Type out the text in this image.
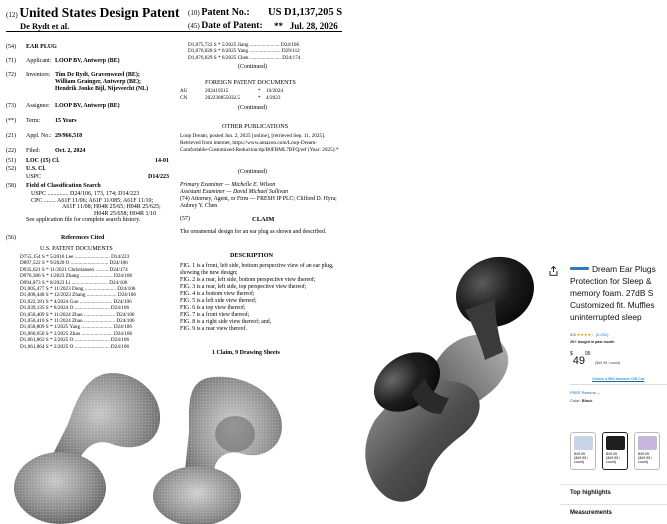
(12) United States Design Patent
De Rydt et al.
(10) Patent No.: US D1,137,205 S
(45) Date of Patent: ** Jul. 28, 2026
(54) EAR PLUG
(71) Applicant: LOOP BV, Antwerp (BE)
(72) Inventors: Tim De Rydt, Gravenwezel (BE);
William Grainger, Antwerp (BE);
Hendrik Jonke Bijl, Nijeveecht (NL)
(73) Assignee: LOOP BV, Antwerp (BE)
(**) Term: 15 Years
(21) Appl. No.: 29/966,518
(22) Filed: Oct. 2, 2024
(51) LOC (15) Cl.	14-01
(52) U.S. Cl.
USPC	D14/223
(58) Field of Classification Search
USPC .............. D24/106, 173, 174; D14/223
CPC ........ A61F 11/06; A61F 11/085; A61F 11/10;
A61F 11/08; H04R 25/65; H04R 25/625;
H04R 25/658; H04R 1/10
See application file for complete search history.
(56)	References Cited
U.S. PATENT DOCUMENTS
D755,154 S * 5/2016 Lee ........................... D14/223
D897,522 S * 9/2020 O ............................. D24/106
D935,621 S * 11/2021 Christiansen .......... D24/174
D976,386 S * 1/2023 Zhang ......................... D24/106
D994,873 S * 8/2023 Li ............................ D24/106
D1,005,477 S * 11/2023 Dong ........................ D24/106
D1,008,448 S * 12/2023 Zhang ....................... D24/106
D1,022,181 S * 4/2024 Guo ......................... D24/106
D1,039,135 S * 8/2024 O ........................... D24/106
D1,050,409 S * 11/2024 Zhao ........................ D24/106
D1,050,410 S * 11/2024 Zhao ........................ D24/106
D1,058,809 S * 1/2025 Yang ........................ D24/106
D1,060,650 S * 2/2025 Zhao ........................ D24/106
D1,061,863 S * 2/2025 O ........................... D24/106
D1,061,864 S * 2/2025 O ........................... D24/106
D1,075,722 S * 5/2025 Jiang ....................... D24/106
D1,076,028 S * 6/2025 Yang ........................ D29/112
D1,076,029 S * 6/2025 Chen ........................ D24/174
(Continued)
FOREIGN PATENT DOCUMENTS
AU	202419515	* 10/2024
CN	202230855032.5	* 4/2023
(Continued)
OTHER PUBLICATIONS
Loop Dream, posted Jun. 2, 2025 [online], [retrieved Sep. 11, 2025]. Retrieved from internet, https://www.amazon.com/Loop-Dream-Comfortable-Customized-Reduction/dp/B0FBML7BFQ/ref (Year: 2025).*
(Continued)
Primary Examiner — Michelle E. Wilson
Assistant Examiner — David Michael Sullivan
(74) Attorney, Agent, or Firm — FRESH IP PLC; Clifford D. Hyra; Aubrey Y. Chen
(57)	CLAIM
The ornamental design for an ear plug as shown and described.
DESCRIPTION
FIG. 1 is a front, left side, bottom perspective view of an ear plug, showing the new design;
FIG. 2 is a rear, left side, bottom perspective view thereof;
FIG. 3 is a rear, left side, top perspective view thereof;
FIG. 4 is a bottom view thereof;
FIG. 5 is a left side view thereof;
FIG. 6 is a top view thereof;
FIG. 7 is a front view thereof;
FIG. 8 is a right side view thereof; and,
FIG. 9 is a rear view thereof.
1 Claim, 9 Drawing Sheets
Dream Ear Plugs
Protection for Sleep &
memory foam. 27dB S
Customized fit. Muffles
uninterrupted sleep
3.8 ★★★★☆ (2,291)
2K+ bought in past month
$^{\$}49^{95}$ ($49.95 / count)
Unlock a $50 Amazon Gift Car
FREE Returns ⌄
Color: Black
$49.95
($49.95 /
count)
$49.95
($49.95 /
count)
$49.95
($49.95 /
count)
Top highlights
Measurements
